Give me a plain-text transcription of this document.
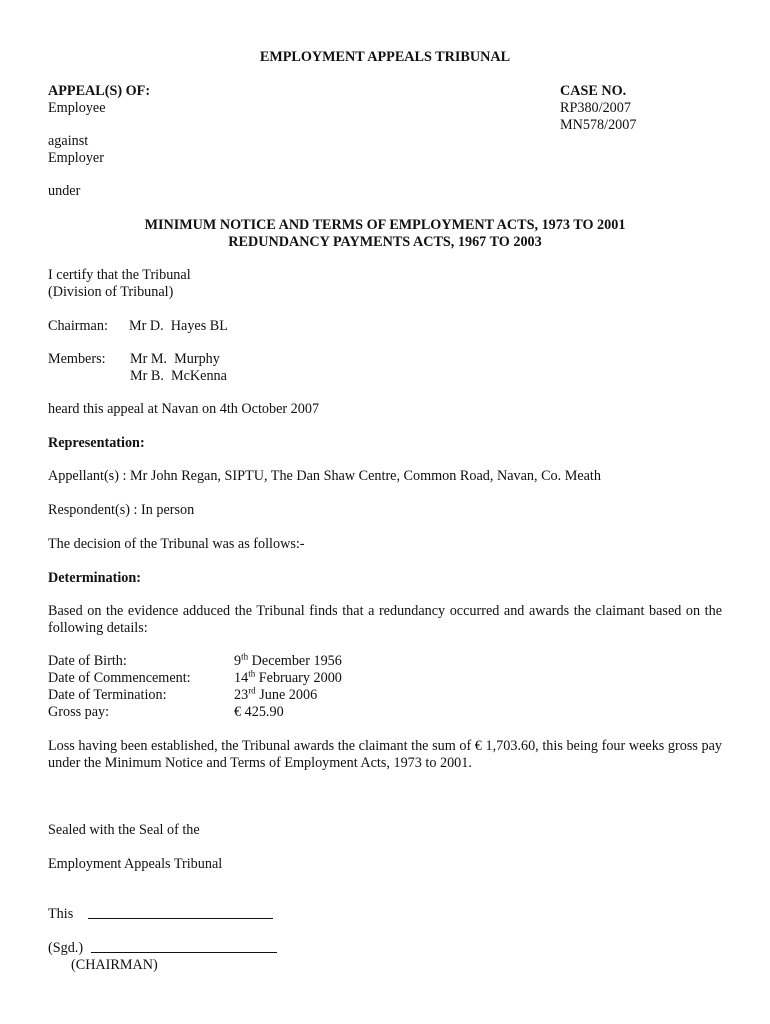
EMPLOYMENT APPEALS TRIBUNAL
APPEAL(S) OF:
Employee
CASE NO.
RP380/2007
MN578/2007
against
Employer
under
MINIMUM NOTICE AND TERMS OF EMPLOYMENT ACTS, 1973 TO 2001
REDUNDANCY PAYMENTS ACTS, 1967 TO 2003
I certify that the Tribunal
(Division of Tribunal)
Chairman: Mr D.  Hayes BL
Members: Mr M.  Murphy
Mr B.  McKenna
heard this appeal at Navan on 4th October 2007
Representation:
Appellant(s) : Mr John Regan, SIPTU, The Dan Shaw Centre, Common Road, Navan, Co. Meath
Respondent(s) : In person
The decision of the Tribunal was as follows:-
Determination:
Based on the evidence adduced the Tribunal finds that a redundancy occurred and awards the claimant based on the following details:
Date of Birth:	9th December 1956
Date of Commencement:	14th February 2000
Date of Termination:	23rd June 2006
Gross pay:	€ 425.90
Loss having been established, the Tribunal awards the claimant the sum of € 1,703.60, this being four weeks gross pay under the Minimum Notice and Terms of Employment Acts, 1973 to 2001.
Sealed with the Seal of the
Employment Appeals Tribunal
This
(Sgd.)
(CHAIRMAN)
